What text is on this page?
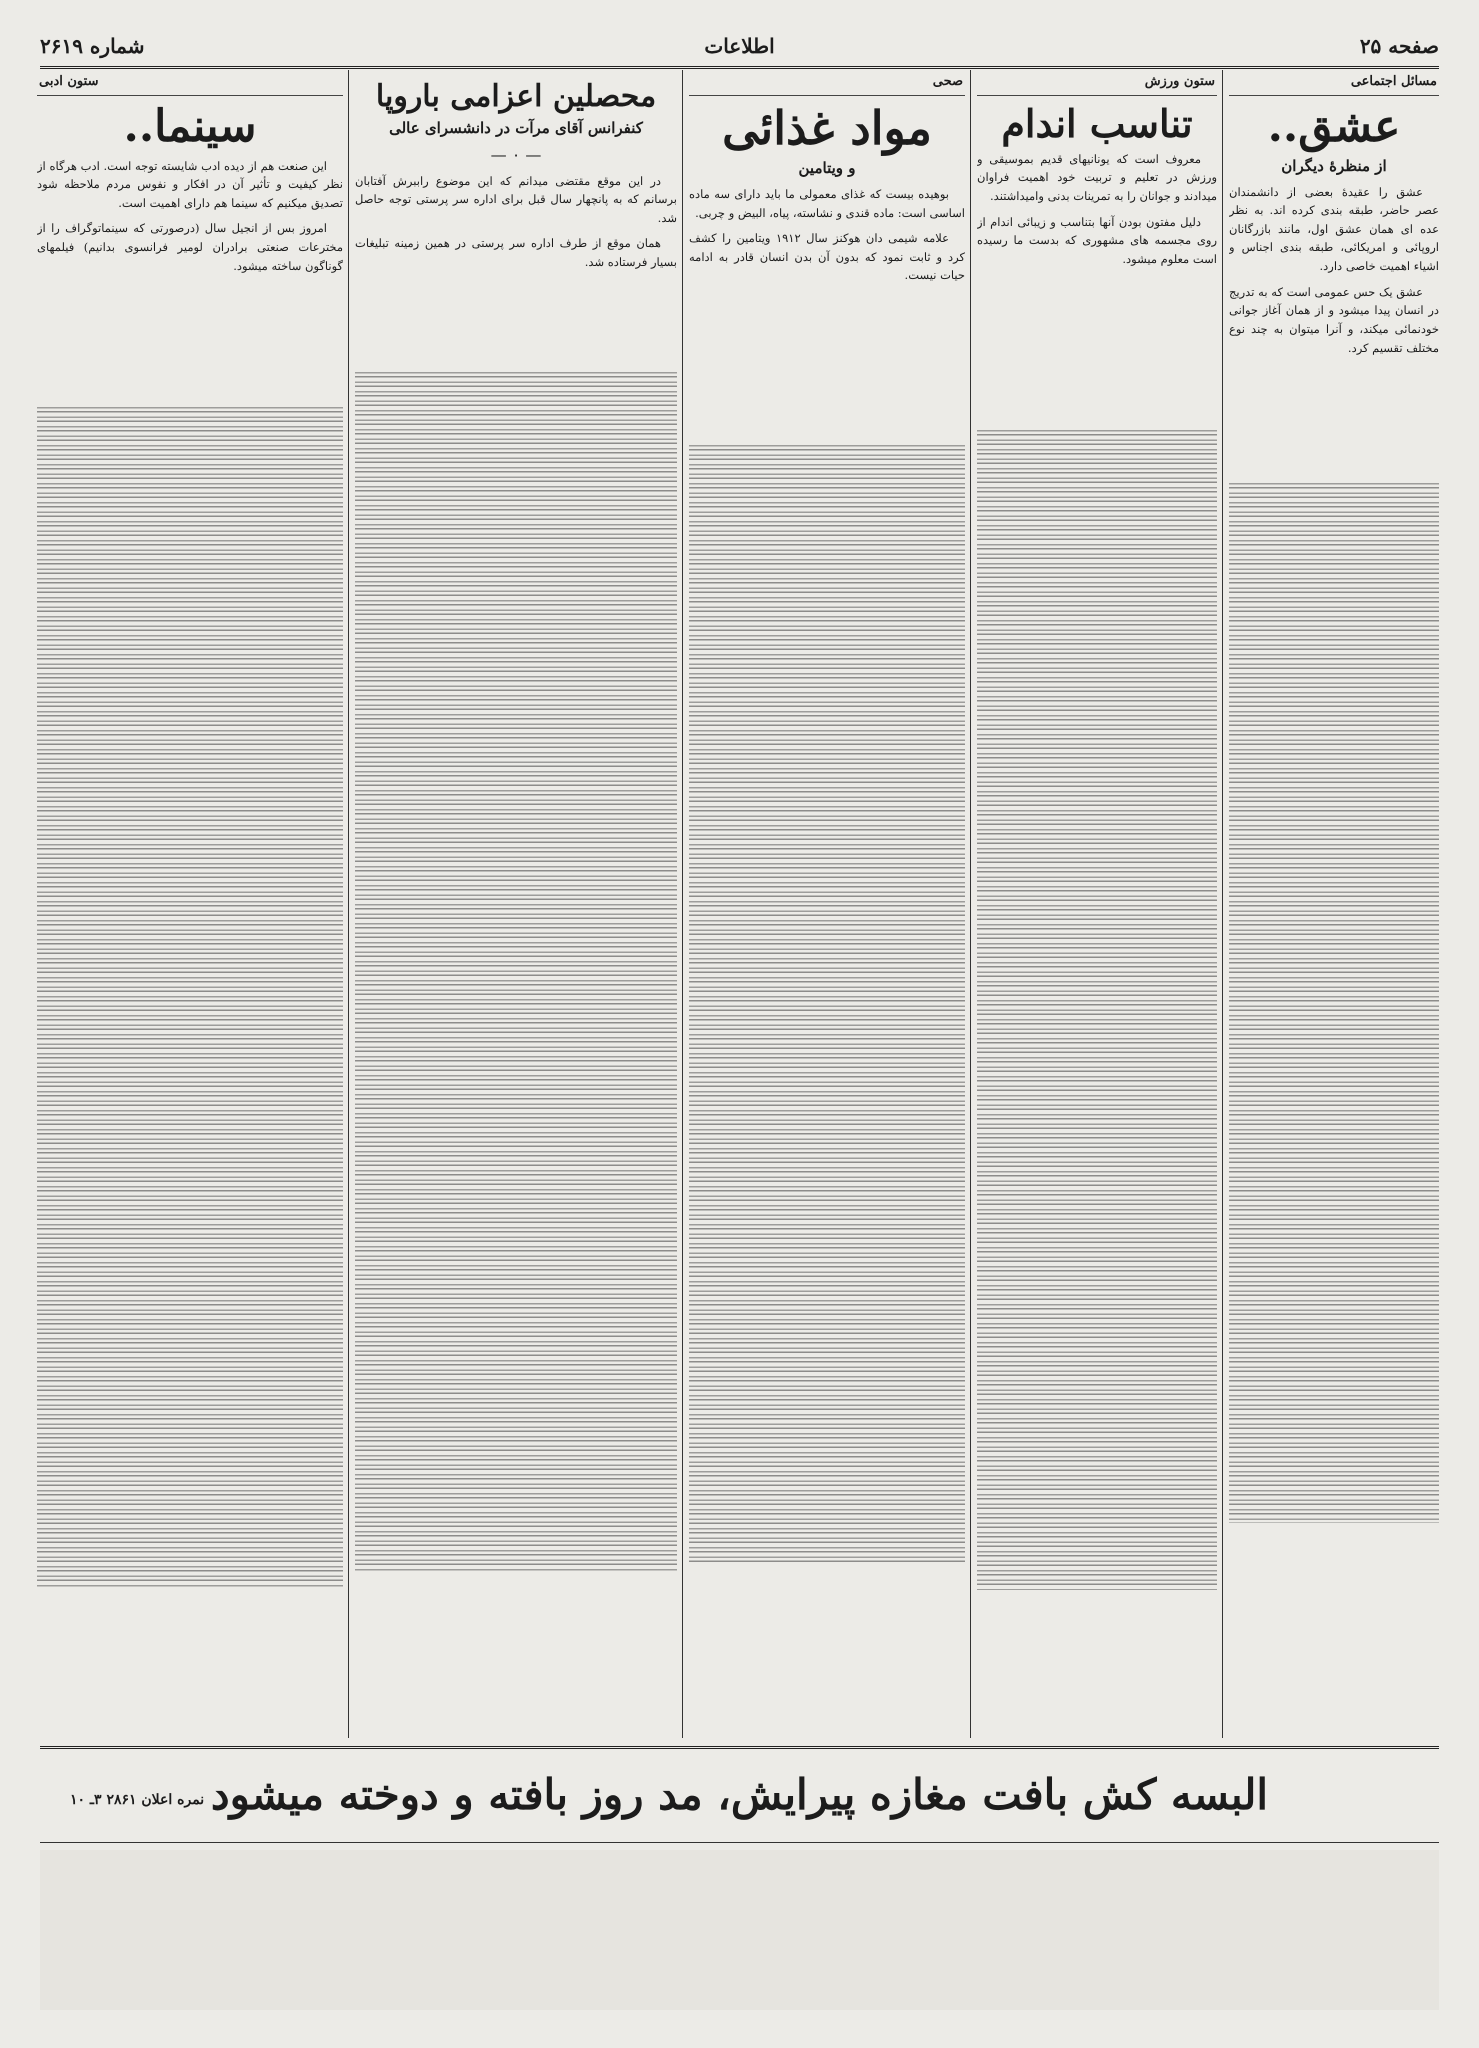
صفحه ۲۵
اطلاعات
شماره ۲۶۱۹
مسائل اجتماعی
عشق..
از منظرهٔ دیگران

عشق را عقیدهٔ بعضی از دانشمندان عصر حاضر، طبقه بندی کرده اند. به نظر عده ای همان عشق اول، مانند بازرگانان اروپائی و امریکائی، طبقه بندی اجناس و اشیاء اهمیت خاصی دارد.

عشق یک حس عمومی است که به تدریج در انسان پیدا میشود و از همان آغاز جوانی خودنمائی میکند، و آنرا میتوان به چند نوع مختلف تقسیم کرد.

ستون ورزش
تناسب اندام

معروف است که یونانیهای قدیم بموسیقی و ورزش در تعلیم و تربیت خود اهمیت فراوان میدادند و جوانان را به تمرینات بدنی وامیداشتند.

دلیل مفتون بودن آنها بتناسب و زیبائی اندام از روی مجسمه های مشهوری که بدست ما رسیده است معلوم میشود.

صحی
مواد غذائی
و ویتامین

بوهیده بیست که غذای معمولی ما باید دارای سه ماده اساسی است: ماده قندی و نشاسته، پیاه، البیض و چربی.

علامه شیمی دان هوکنز سال ۱۹۱۲ ویتامین را کشف کرد و ثابت نمود که بدون آن بدن انسان قادر به ادامه حیات نیست.

محصلین اعزامی باروپا
کنفرانس آقای مرآت در دانشسرای عالی
— ۰ —

در این موقع مقتضی میدانم که این موضوع راببرش آفتابان برسانم که به پانچهار سال قبل برای اداره سر پرستی توجه حاصل شد.

همان موقع از طرف اداره سر پرستی در همین زمینه تبلیغات بسیار فرستاده شد.

ستون ادبی
سینما..

این صنعت هم از دیده ادب شایسته توجه است. ادب هرگاه از نظر کیفیت و تأثیر آن در افکار و نفوس مردم ملاحظه شود تصدیق میکنیم که سینما هم دارای اهمیت است.

امروز بس از انجیل سال (درصورتی که سینماتوگراف را از مخترعات صنعتی برادران لومیر فرانسوی بدانیم) فیلمهای گوناگون ساخته میشود.

البسه کش بافت مغازه پیرایش، مد روز بافته و دوخته میشود
نمره اعلان ۲۸۶۱ ۳ـ ۱۰
